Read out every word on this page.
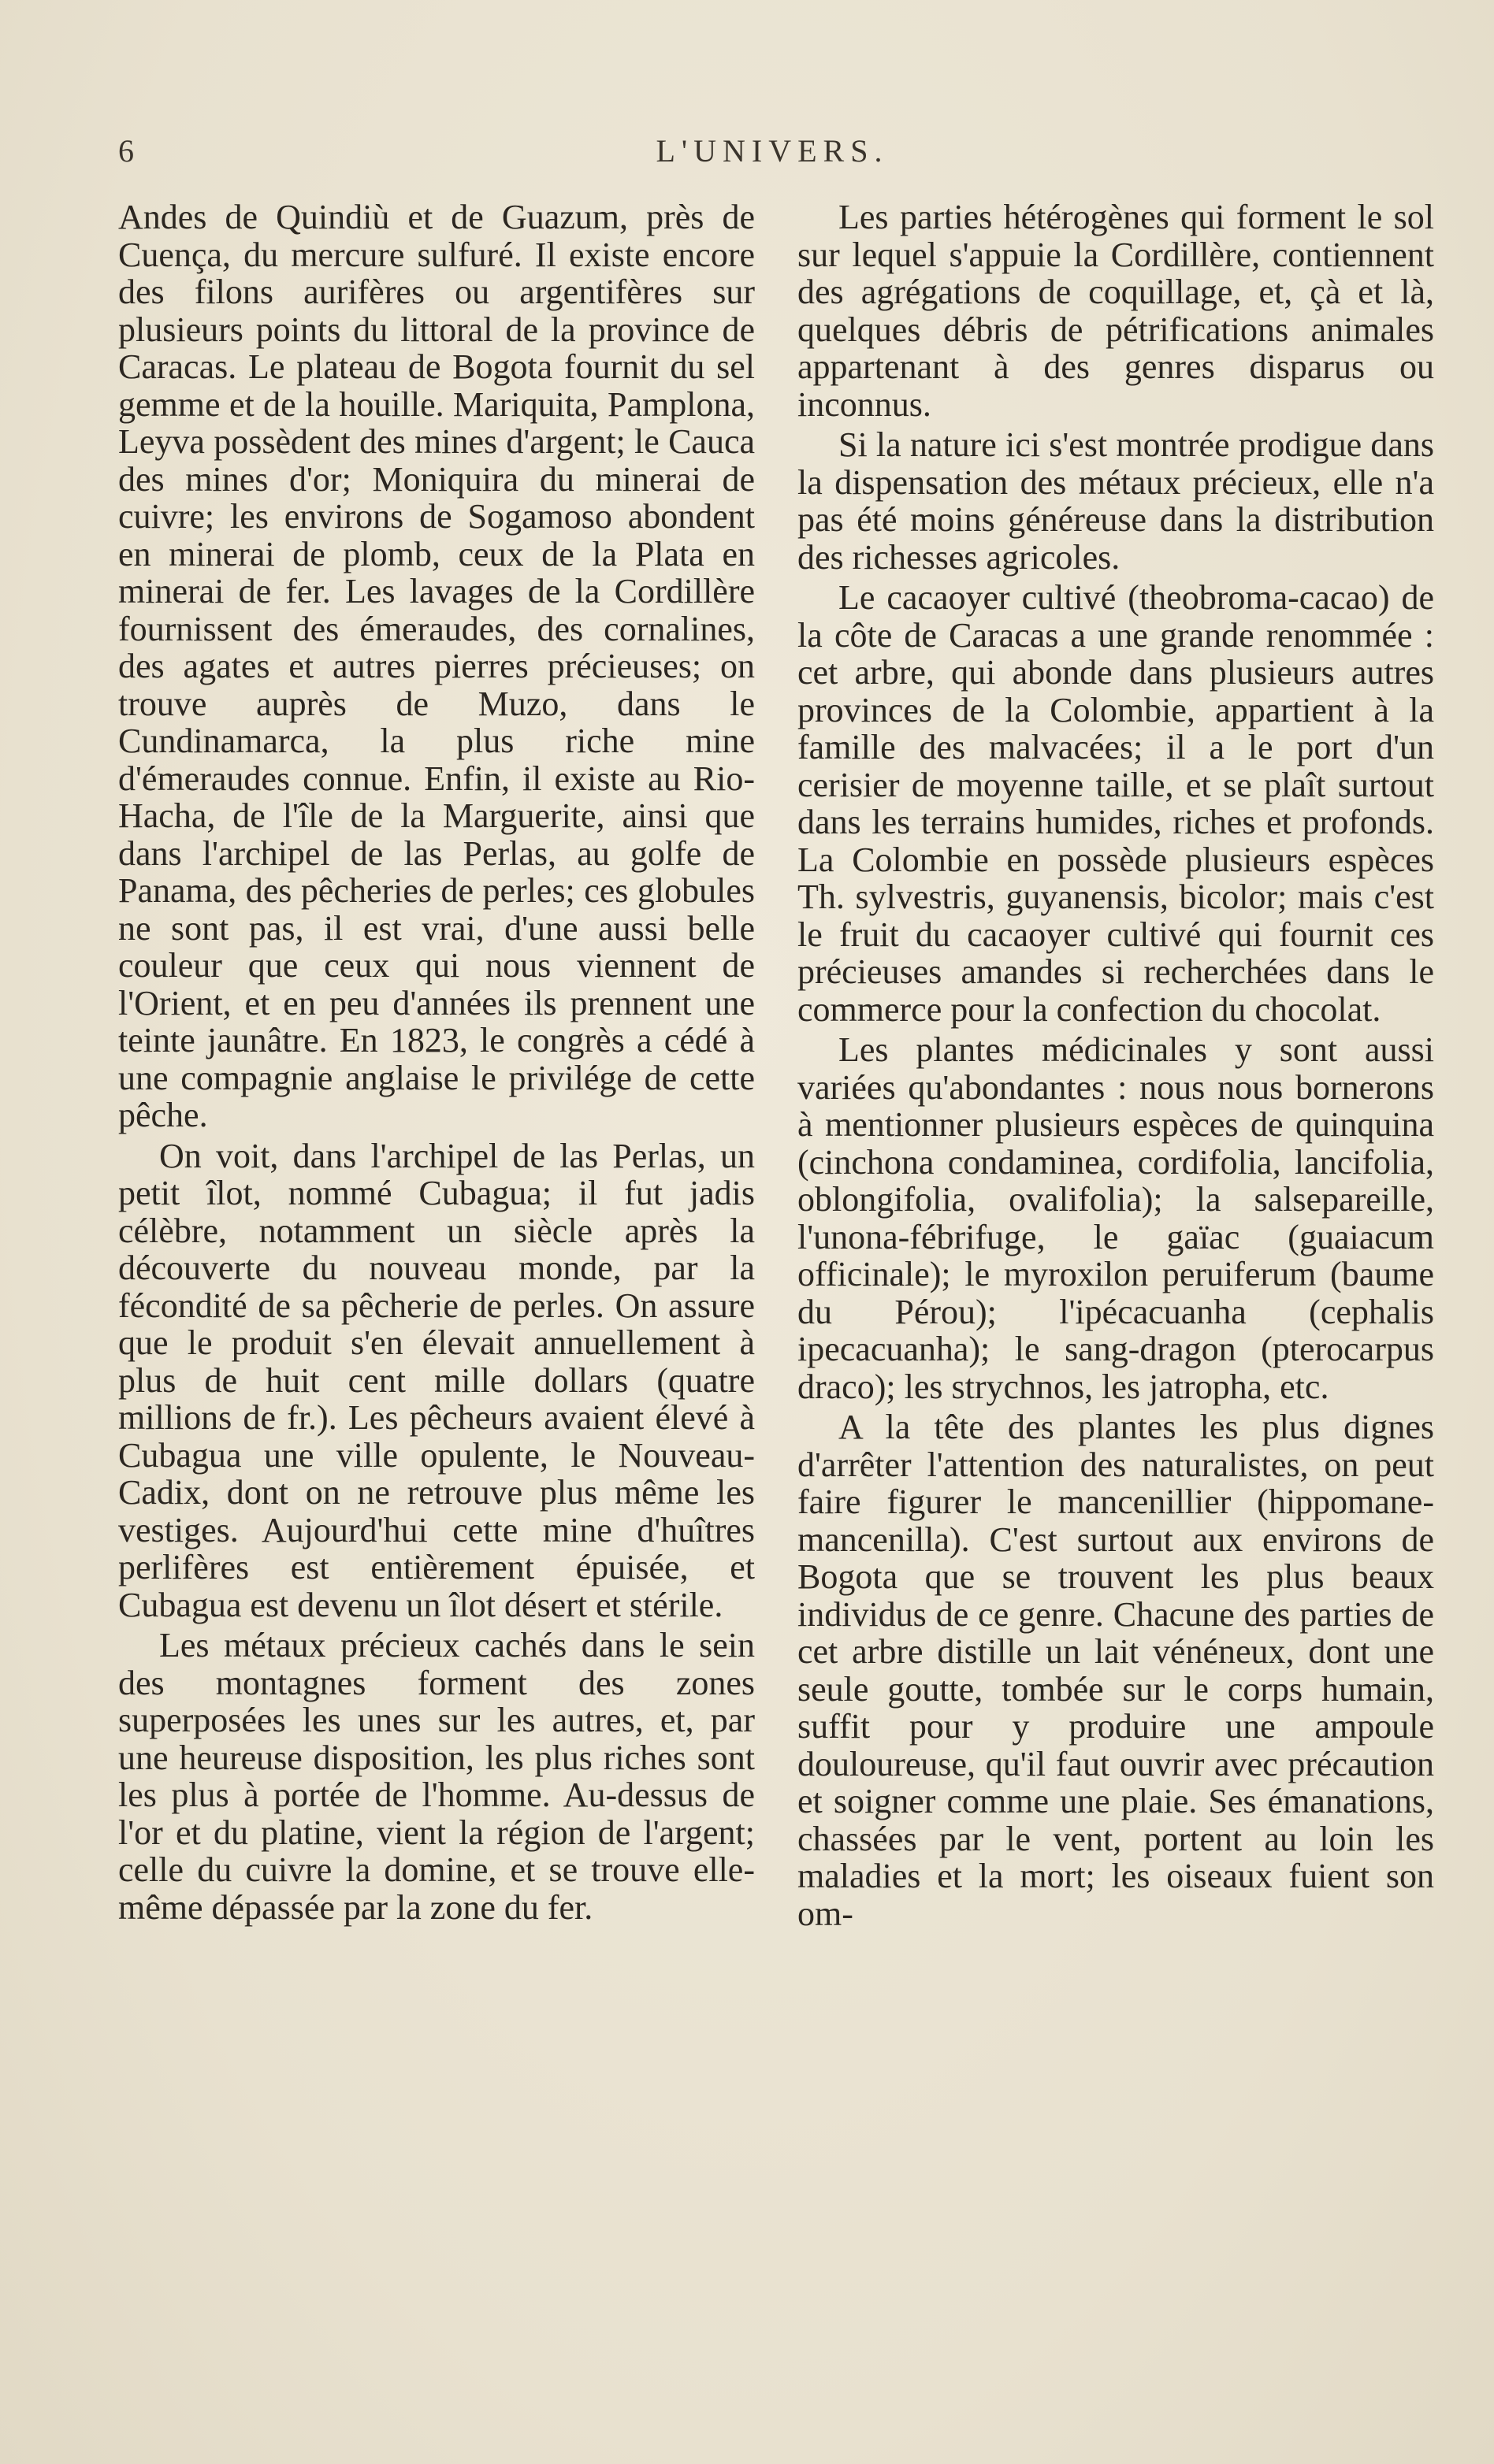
6	L'UNIVERS.

Andes de Quindiù et de Guazum, près de Cuença, du mercure sulfuré. Il existe encore des filons aurifères ou argentifères sur plusieurs points du littoral de la province de Caracas. Le plateau de Bogota fournit du sel gemme et de la houille. Mariquita, Pamplona, Leyva possèdent des mines d'argent; le Cauca des mines d'or; Moniquira du minerai de cuivre; les environs de Sogamoso abondent en minerai de plomb, ceux de la Plata en minerai de fer. Les lavages de la Cordillère fournissent des émeraudes, des cornalines, des agates et autres pierres précieuses; on trouve auprès de Muzo, dans le Cundinamarca, la plus riche mine d'émeraudes connue. Enfin, il existe au Rio-Hacha, de l'île de la Marguerite, ainsi que dans l'archipel de las Perlas, au golfe de Panama, des pêcheries de perles; ces globules ne sont pas, il est vrai, d'une aussi belle couleur que ceux qui nous viennent de l'Orient, et en peu d'années ils prennent une teinte jaunâtre. En 1823, le congrès a cédé à une compagnie anglaise le privilége de cette pêche.

On voit, dans l'archipel de las Perlas, un petit îlot, nommé Cubagua; il fut jadis célèbre, notamment un siècle après la découverte du nouveau monde, par la fécondité de sa pêcherie de perles. On assure que le produit s'en élevait annuellement à plus de huit cent mille dollars (quatre millions de fr.). Les pêcheurs avaient élevé à Cubagua une ville opulente, le Nouveau-Cadix, dont on ne retrouve plus même les vestiges. Aujourd'hui cette mine d'huîtres perlifères est entièrement épuisée, et Cubagua est devenu un îlot désert et stérile.

Les métaux précieux cachés dans le sein des montagnes forment des zones superposées les unes sur les autres, et, par une heureuse disposition, les plus riches sont les plus à portée de l'homme. Au-dessus de l'or et du platine, vient la région de l'argent; celle du cuivre la domine, et se trouve elle-même dépassée par la zone du fer.

Les parties hétérogènes qui forment le sol sur lequel s'appuie la Cordillère, contiennent des agrégations de coquillage, et, çà et là, quelques débris de pétrifications animales appartenant à des genres disparus ou inconnus.

Si la nature ici s'est montrée prodigue dans la dispensation des métaux précieux, elle n'a pas été moins généreuse dans la distribution des richesses agricoles.

Le cacaoyer cultivé (theobroma-cacao) de la côte de Caracas a une grande renommée : cet arbre, qui abonde dans plusieurs autres provinces de la Colombie, appartient à la famille des malvacées; il a le port d'un cerisier de moyenne taille, et se plaît surtout dans les terrains humides, riches et profonds. La Colombie en possède plusieurs espèces Th. sylvestris, guyanensis, bicolor; mais c'est le fruit du cacaoyer cultivé qui fournit ces précieuses amandes si recherchées dans le commerce pour la confection du chocolat.

Les plantes médicinales y sont aussi variées qu'abondantes : nous nous bornerons à mentionner plusieurs espèces de quinquina (cinchona condaminea, cordifolia, lancifolia, oblongifolia, ovalifolia); la salsepareille, l'unona-fébrifuge, le gaïac (guaiacum officinale); le myroxilon peruiferum (baume du Pérou); l'ipécacuanha (cephalis ipecacuanha); le sang-dragon (pterocarpus draco); les strychnos, les jatropha, etc.

A la tête des plantes les plus dignes d'arrêter l'attention des naturalistes, on peut faire figurer le mancenillier (hippomane-mancenilla). C'est surtout aux environs de Bogota que se trouvent les plus beaux individus de ce genre. Chacune des parties de cet arbre distille un lait vénéneux, dont une seule goutte, tombée sur le corps humain, suffit pour y produire une ampoule douloureuse, qu'il faut ouvrir avec précaution et soigner comme une plaie. Ses émanations, chassées par le vent, portent au loin les maladies et la mort; les oiseaux fuient son om-
